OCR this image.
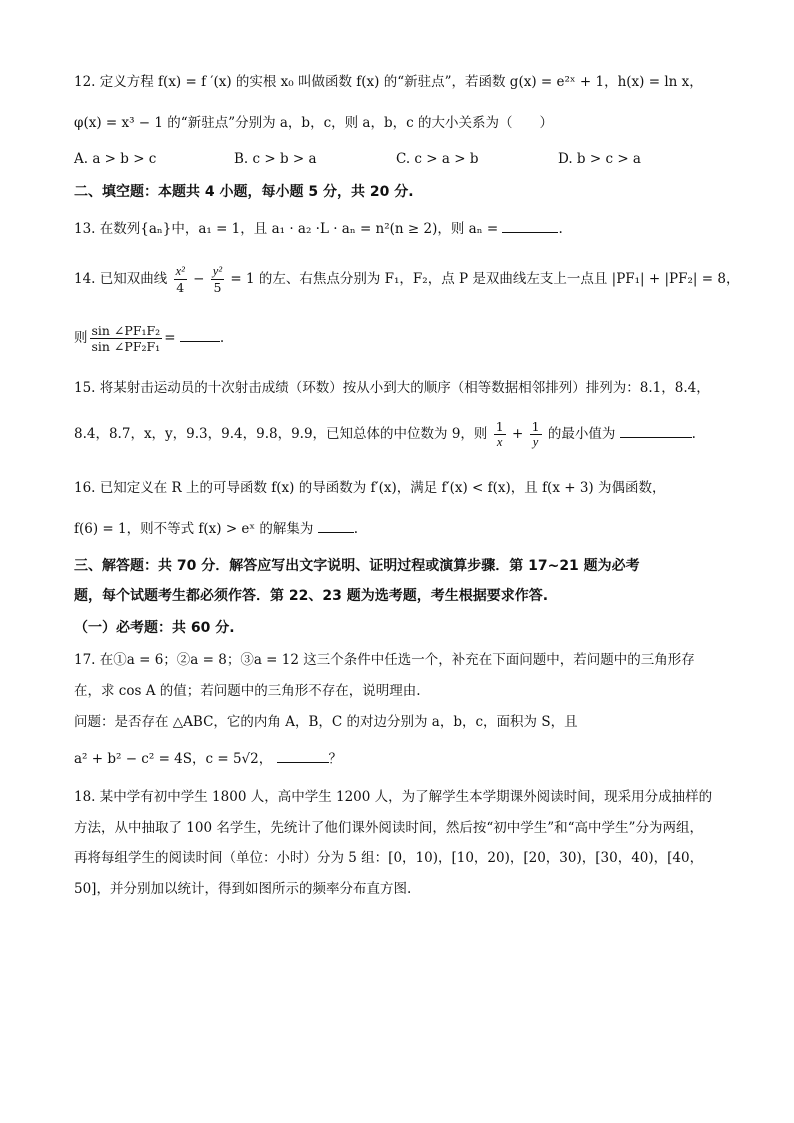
12. 定义方程 f(x) = f ′(x) 的实根 x₀ 叫做函数 f(x) 的“新驻点”，若函数 g(x) = e²ˣ + 1，h(x) = ln x，
φ(x) = x³ − 1 的“新驻点”分别为 a，b，c，则 a，b，c 的大小关系为（　　）
A. a > b > c	B. c > b > a	C. c > a > b	D. b > c > a
二、填空题：本题共 4 小题，每小题 5 分，共 20 分.
13. 在数列{aₙ}中，a₁ = 1，且 a₁ · a₂ ·L · aₙ = n²(n ≥ 2)，则 aₙ =	.
14. 已知双曲线 $\frac{\text{x²}}{4} - \frac{\text{y²}}{5} = 1$ 的左、右焦点分别为 F₁，F₂，点 P 是双曲线左支上一点且 |PF₁| + |PF₂| = 8，
则 $\frac{\text{sin ∠PF₁F₂}}{\text{sin ∠PF₂F₁}}$ =	.
15. 将某射击运动员的十次射击成绩（环数）按从小到大的顺序（相等数据相邻排列）排列为：8.1，8.4，
8.4，8.7，x，y，9.3，9.4，9.8，9.9，已知总体的中位数为 9，则 $\frac{1}{x} + \frac{1}{y}$ 的最小值为	.
16. 已知定义在 R 上的可导函数 f(x) 的导函数为 f′(x)，满足 f′(x) < f(x)，且 f(x + 3) 为偶函数，
f(6) = 1，则不等式 f(x) > eˣ 的解集为	.
三、解答题：共 70 分．解答应写出文字说明、证明过程或演算步骤．第 17~21 题为必考
题，每个试题考生都必须作答．第 22、23 题为选考题，考生根据要求作答.
（一）必考题：共 60 分.
17. 在①a = 6；②a = 8；③a = 12 这三个条件中任选一个，补充在下面问题中，若问题中的三角形存
在，求 cos A 的值；若问题中的三角形不存在，说明理由.
问题：是否存在 △ABC，它的内角 A，B，C 的对边分别为 a，b，c，面积为 S，且
a² + b² − c² = 4S，c = 5√2，	？
18. 某中学有初中学生 1800 人，高中学生 1200 人，为了解学生本学期课外阅读时间，现采用分成抽样的
方法，从中抽取了 100 名学生，先统计了他们课外阅读时间，然后按“初中学生”和“高中学生”分为两组，
再将每组学生的阅读时间（单位：小时）分为 5 组：[0，10)，[10，20)，[20，30)，[30，40)，[40，
50]，并分别加以统计，得到如图所示的频率分布直方图.
